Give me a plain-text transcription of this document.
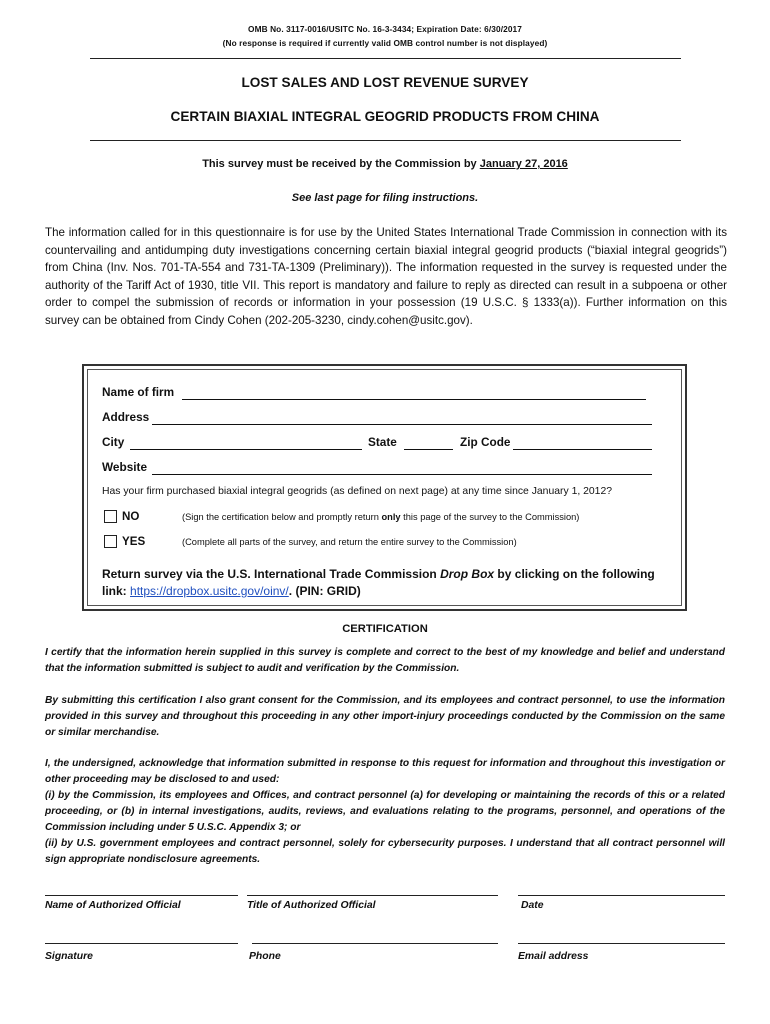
OMB No. 3117-0016/USITC No. 16-3-3434; Expiration Date: 6/30/2017
(No response is required if currently valid OMB control number is not displayed)
LOST SALES AND LOST REVENUE SURVEY
CERTAIN BIAXIAL INTEGRAL GEOGRID PRODUCTS FROM CHINA
This survey must be received by the Commission by January 27, 2016
See last page for filing instructions.

The information called for in this questionnaire is for use by the United States International Trade Commission in connection with its countervailing and antidumping duty investigations concerning certain biaxial integral geogrid products (“biaxial integral geogrids”) from China (Inv. Nos. 701-TA-554 and 731-TA-1309 (Preliminary)). The information requested in the survey is requested under the authority of the Tariff Act of 1930, title VII. This report is mandatory and failure to reply as directed can result in a subpoena or other order to compel the submission of records or information in your possession (19 U.S.C. § 1333(a)). Further information on this survey can be obtained from Cindy Cohen (202-205-3230, cindy.cohen@usitc.gov).

Name of firm
Address
City	State	Zip Code
Website
Has your firm purchased biaxial integral geogrids (as defined on next page) at any time since January 1, 2012?
NO	(Sign the certification below and promptly return only this page of the survey to the Commission)
YES	(Complete all parts of the survey, and return the entire survey to the Commission)

Return survey via the U.S. International Trade Commission Drop Box by clicking on the following link: https://dropbox.usitc.gov/oinv/. (PIN: GRID)

CERTIFICATION

I certify that the information herein supplied in this survey is complete and correct to the best of my knowledge and belief and understand that the information submitted is subject to audit and verification by the Commission.

By submitting this certification I also grant consent for the Commission, and its employees and contract personnel, to use the information provided in this survey and throughout this proceeding in any other import-injury proceedings conducted by the Commission on the same or similar merchandise.

I, the undersigned, acknowledge that information submitted in response to this request for information and throughout this investigation or other proceeding may be disclosed to and used:

(i) by the Commission, its employees and Offices, and contract personnel (a) for developing or maintaining the records of this or a related proceeding, or (b) in internal investigations, audits, reviews, and evaluations relating to the programs, personnel, and operations of the Commission including under 5 U.S.C. Appendix 3; or

(ii) by U.S. government employees and contract personnel, solely for cybersecurity purposes. I understand that all contract personnel will sign appropriate nondisclosure agreements.

Name of Authorized Official	Title of Authorized Official	Date
Signature	Phone	Email address
